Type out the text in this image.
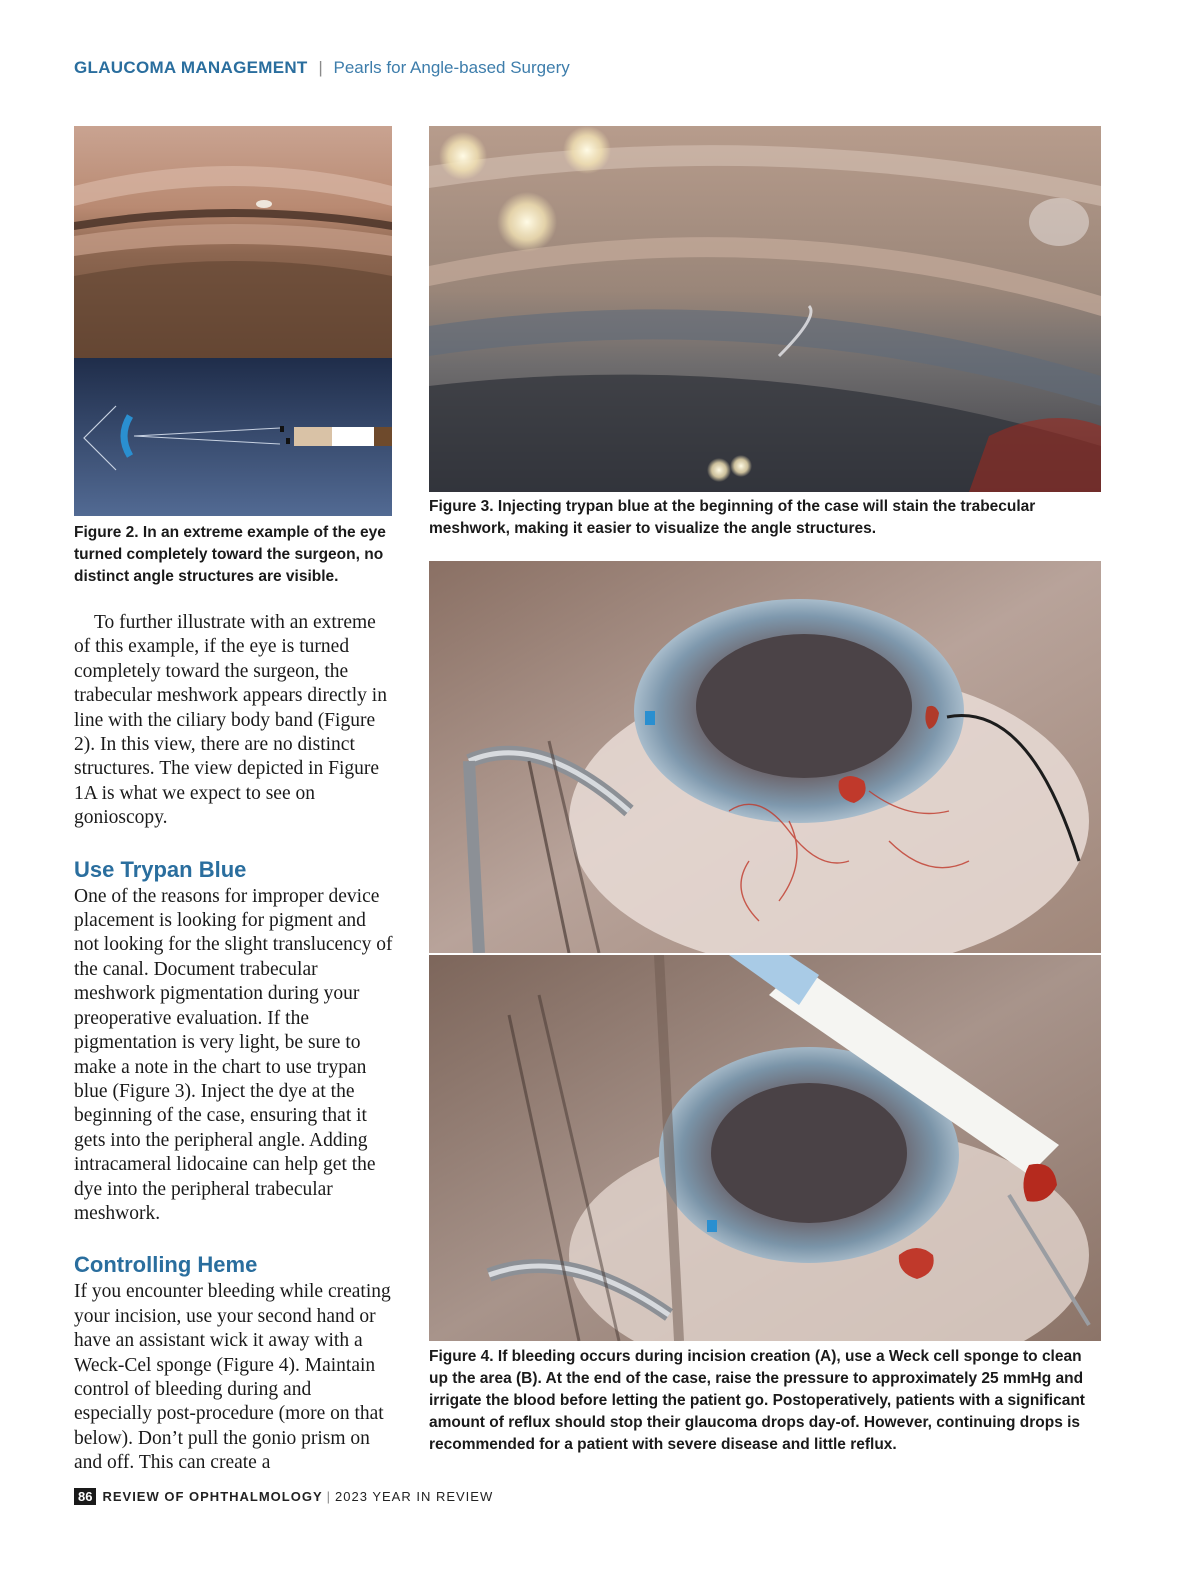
GLAUCOMA MANAGEMENT | Pearls for Angle-based Surgery
Figure 2. In an extreme example of the eye turned completely toward the surgeon, no distinct angle structures are visible.
Figure 3. Injecting trypan blue at the beginning of the case will stain the trabecular meshwork, making it easier to visualize the angle structures.
Figure 4. If bleeding occurs during incision creation (A), use a Weck cell sponge to clean up the area (B). At the end of the case, raise the pressure to approximately 25 mmHg and irrigate the blood before letting the patient go. Postoperatively, patients with a significant amount of reflux should stop their glaucoma drops day-of. However, continuing drops is recommended for a patient with severe disease and little reflux.

To further illustrate with an extreme of this example, if the eye is turned completely toward the surgeon, the trabecular meshwork appears directly in line with the ciliary body band (Figure 2). In this view, there are no distinct structures. The view depicted in Figure 1A is what we expect to see on gonioscopy.

Use Trypan Blue

One of the reasons for improper device placement is looking for pigment and not looking for the slight translucency of the canal. Document trabecular meshwork pigmentation during your preoperative evaluation. If the pigmentation is very light, be sure to make a note in the chart to use trypan blue (Figure 3). Inject the dye at the beginning of the case, ensuring that it gets into the peripheral angle. Adding intracameral lidocaine can help get the dye into the peripheral trabecular meshwork.

Controlling Heme

If you encounter bleeding while creating your incision, use your second hand or have an assistant wick it away with a Weck-Cel sponge (Figure 4). Maintain control of bleeding during and especially post-procedure (more on that below). Don’t pull the gonio prism on and off. This can create a

86 REVIEW OF OPHTHALMOLOGY | 2023 YEAR IN REVIEW
